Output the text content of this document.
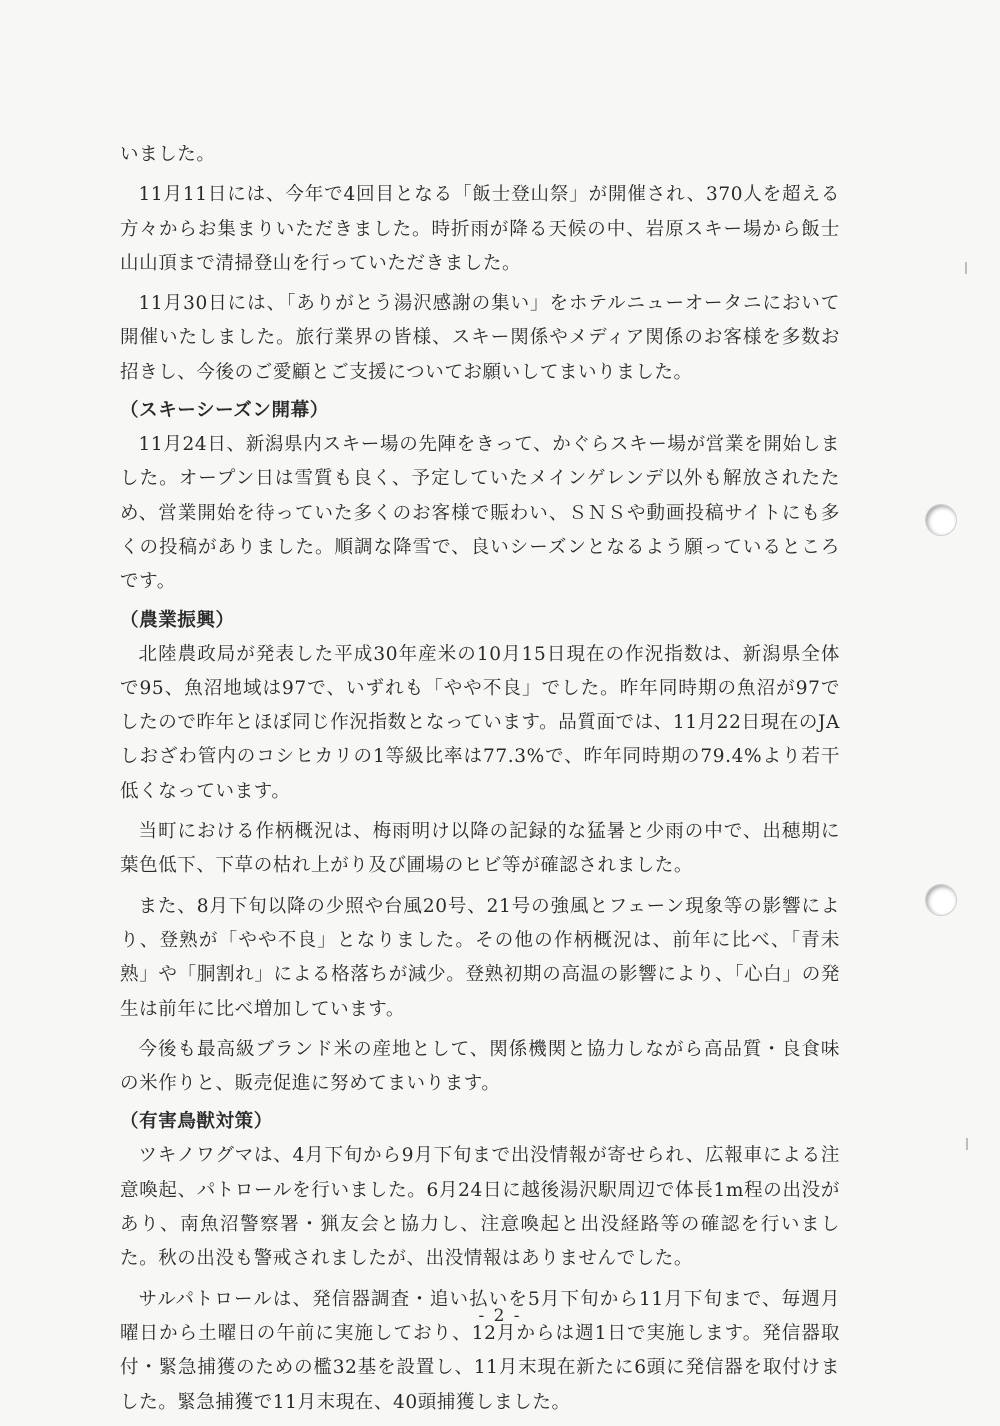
いました。

11月11日には、今年で4回目となる「飯士登山祭」が開催され、370人を超える方々からお集まりいただきました。時折雨が降る天候の中、岩原スキー場から飯士山山頂まで清掃登山を行っていただきました。

11月30日には、「ありがとう湯沢感謝の集い」をホテルニューオータニにおいて開催いたしました。旅行業界の皆様、スキー関係やメディア関係のお客様を多数お招きし、今後のご愛顧とご支援についてお願いしてまいりました。

（スキーシーズン開幕）

11月24日、新潟県内スキー場の先陣をきって、かぐらスキー場が営業を開始しました。オープン日は雪質も良く、予定していたメインゲレンデ以外も解放されたため、営業開始を待っていた多くのお客様で賑わい、ＳＮＳや動画投稿サイトにも多くの投稿がありました。順調な降雪で、良いシーズンとなるよう願っているところです。

（農業振興）

北陸農政局が発表した平成30年産米の10月15日現在の作況指数は、新潟県全体で95、魚沼地域は97で、いずれも「やや不良」でした。昨年同時期の魚沼が97でしたので昨年とほぼ同じ作況指数となっています。品質面では、11月22日現在のJAしおざわ管内のコシヒカリの1等級比率は77.3%で、昨年同時期の79.4%より若干低くなっています。

当町における作柄概況は、梅雨明け以降の記録的な猛暑と少雨の中で、出穂期に葉色低下、下草の枯れ上がり及び圃場のヒビ等が確認されました。

また、8月下旬以降の少照や台風20号、21号の強風とフェーン現象等の影響により、登熟が「やや不良」となりました。その他の作柄概況は、前年に比べ、「青未熟」や「胴割れ」による格落ちが減少。登熟初期の高温の影響により、「心白」の発生は前年に比べ増加しています。

今後も最高級ブランド米の産地として、関係機関と協力しながら高品質・良食味の米作りと、販売促進に努めてまいります。

（有害鳥獣対策）

ツキノワグマは、4月下旬から9月下旬まで出没情報が寄せられ、広報車による注意喚起、パトロールを行いました。6月24日に越後湯沢駅周辺で体長1m程の出没があり、南魚沼警察署・猟友会と協力し、注意喚起と出没経路等の確認を行いました。秋の出没も警戒されましたが、出没情報はありませんでした。

サルパトロールは、発信器調査・追い払いを5月下旬から11月下旬まで、毎週月曜日から土曜日の午前に実施しており、12月からは週1日で実施します。発信器取付・緊急捕獲のための檻32基を設置し、11月末現在新たに6頭に発信器を取付けました。緊急捕獲で11月末現在、40頭捕獲しました。

- 2 -
